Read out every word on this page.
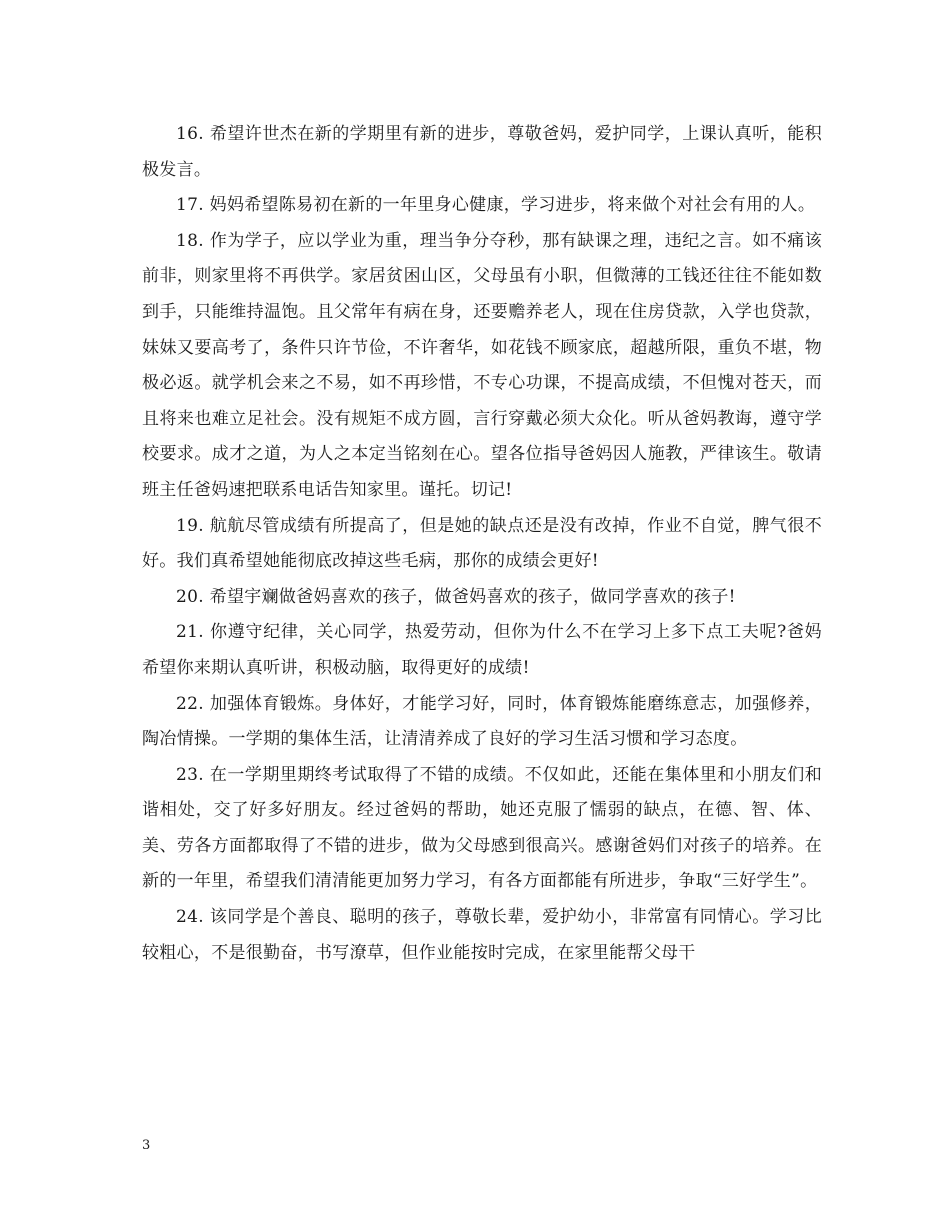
16. 希望许世杰在新的学期里有新的进步，尊敬爸妈，爱护同学，上课认真听，能积极发言。

17. 妈妈希望陈易初在新的一年里身心健康，学习进步，将来做个对社会有用的人。

18. 作为学子，应以学业为重，理当争分夺秒，那有缺课之理，违纪之言。如不痛该前非，则家里将不再供学。家居贫困山区，父母虽有小职，但微薄的工钱还往往不能如数到手，只能维持温饱。且父常年有病在身，还要赡养老人，现在住房贷款，入学也贷款，妹妹又要高考了，条件只许节俭，不许奢华，如花钱不顾家底，超越所限，重负不堪，物极必返。就学机会来之不易，如不再珍惜，不专心功课，不提高成绩，不但愧对苍天，而且将来也难立足社会。没有规矩不成方圆，言行穿戴必须大众化。听从爸妈教诲，遵守学校要求。成才之道，为人之本定当铭刻在心。望各位指导爸妈因人施教，严律该生。敬请班主任爸妈速把联系电话告知家里。谨托。切记!

19. 航航尽管成绩有所提高了，但是她的缺点还是没有改掉，作业不自觉，脾气很不好。我们真希望她能彻底改掉这些毛病，那你的成绩会更好!

20. 希望宇斓做爸妈喜欢的孩子，做爸妈喜欢的孩子，做同学喜欢的孩子!

21. 你遵守纪律，关心同学，热爱劳动，但你为什么不在学习上多下点工夫呢?爸妈希望你来期认真听讲，积极动脑，取得更好的成绩!

22. 加强体育锻炼。身体好，才能学习好，同时，体育锻炼能磨练意志，加强修养，陶冶情操。一学期的集体生活，让清清养成了良好的学习生活习惯和学习态度。

23. 在一学期里期终考试取得了不错的成绩。不仅如此，还能在集体里和小朋友们和谐相处，交了好多好朋友。经过爸妈的帮助，她还克服了懦弱的缺点，在德、智、体、美、劳各方面都取得了不错的进步，做为父母感到很高兴。感谢爸妈们对孩子的培养。在新的一年里，希望我们清清能更加努力学习，有各方面都能有所进步，争取“三好学生”。

24. 该同学是个善良、聪明的孩子，尊敬长辈，爱护幼小，非常富有同情心。学习比较粗心，不是很勤奋，书写潦草，但作业能按时完成，在家里能帮父母干

3
